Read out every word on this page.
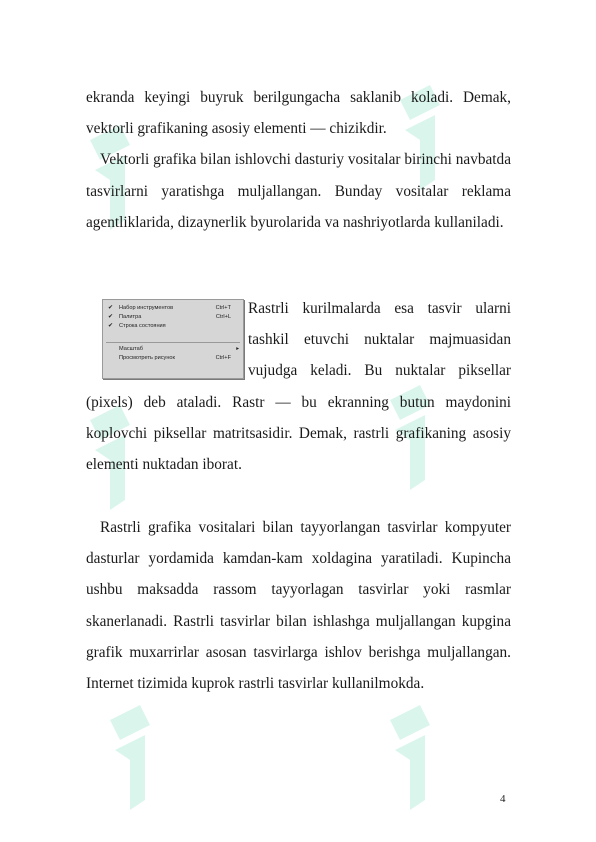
ekranda keyingi buyruk berilgungacha saklanib koladi. Demak, vektorli grafikaning asosiy elementi — chizikdir.

Vektorli grafika bilan ishlovchi dasturiy vositalar birinchi navbatda tasvirlarni yaratishga muljallangan. Bunday vositalar reklama agentliklarida, dizaynerlik byurolarida va nashriyotlarda kullaniladi.

✔ Набор инструментов	Ctrl+T
✔ Палитра	Ctrl+L
✔ Строка состояния
Масштаб	▸
Просмотреть рисунок	Ctrl+F

Rastrli kurilmalarda esa tasvir ularni tashkil etuvchi nuktalar majmuasidan vujudga keladi. Bu nuktalar piksellar (pixels) deb ataladi. Rastr — bu ekranning butun maydonini koplovchi piksellar matritsasidir. Demak, rastrli grafikaning asosiy elementi nuktadan iborat.

Rastrli grafika vositalari bilan tayyorlangan tasvirlar kompyuter dasturlar yordamida kamdan-kam xoldagina yaratiladi. Kupincha ushbu maksadda rassom tayyorlagan tasvirlar yoki rasmlar skanerlanadi. Rastrli tasvirlar bilan ishlashga muljallangan kupgina grafik muxarrirlar asosan tasvirlarga ishlov berishga muljallangan. Internet tizimida kuprok rastrli tasvirlar kullanilmokda.

4
